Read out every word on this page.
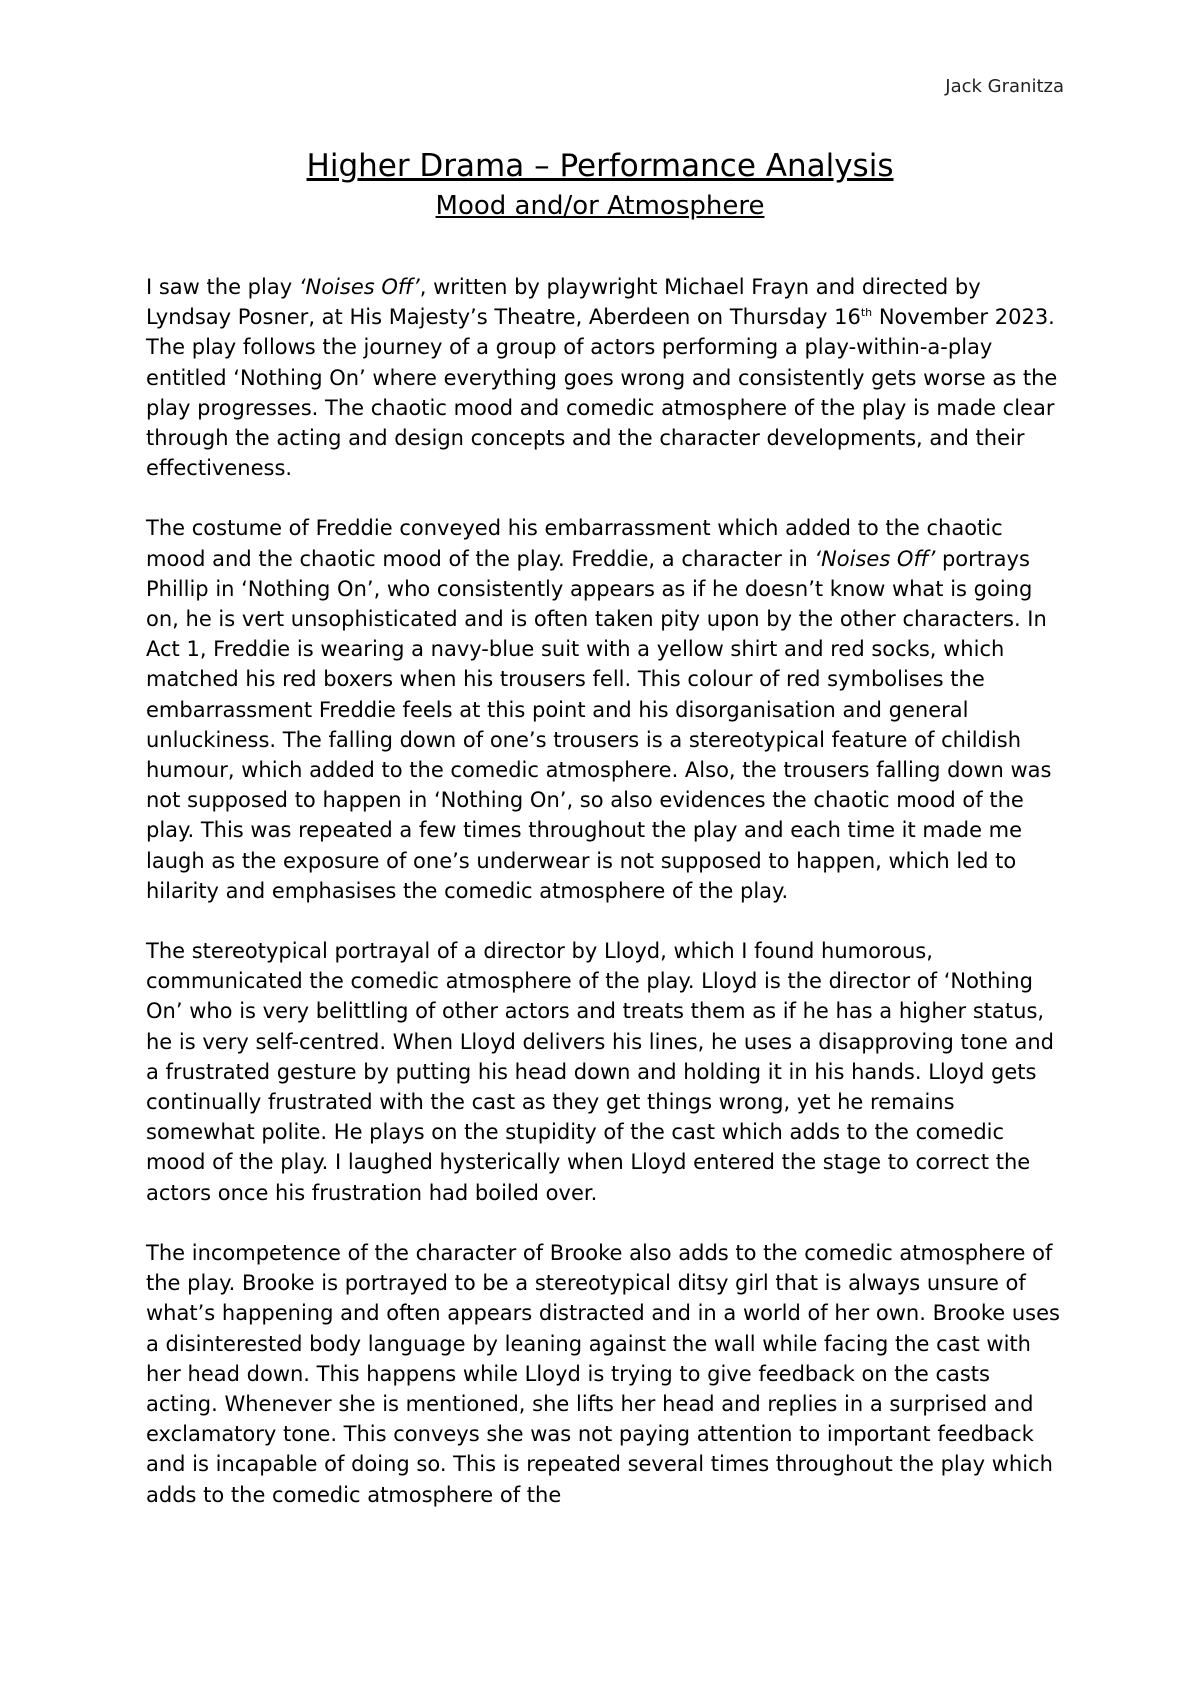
Jack Granitza
Higher Drama – Performance Analysis
Mood and/or Atmosphere

I saw the play ‘Noises Off’, written by playwright Michael Frayn and directed by Lyndsay Posner, at His Majesty’s Theatre, Aberdeen on Thursday 16th November 2023. The play follows the journey of a group of actors performing a play-within-a-play entitled ‘Nothing On’ where everything goes wrong and consistently gets worse as the play progresses. The chaotic mood and comedic atmosphere of the play is made clear through the acting and design concepts and the character developments, and their effectiveness.

The costume of Freddie conveyed his embarrassment which added to the chaotic mood and the chaotic mood of the play. Freddie, a character in ‘Noises Off’ portrays Phillip in ‘Nothing On’, who consistently appears as if he doesn’t know what is going on, he is vert unsophisticated and is often taken pity upon by the other characters. In Act 1, Freddie is wearing a navy-blue suit with a yellow shirt and red socks, which matched his red boxers when his trousers fell. This colour of red symbolises the embarrassment Freddie feels at this point and his disorganisation and general unluckiness. The falling down of one’s trousers is a stereotypical feature of childish humour, which added to the comedic atmosphere. Also, the trousers falling down was not supposed to happen in ‘Nothing On’, so also evidences the chaotic mood of the play. This was repeated a few times throughout the play and each time it made me laugh as the exposure of one’s underwear is not supposed to happen, which led to hilarity and emphasises the comedic atmosphere of the play.

The stereotypical portrayal of a director by Lloyd, which I found humorous, communicated the comedic atmosphere of the play. Lloyd is the director of ‘Nothing On’ who is very belittling of other actors and treats them as if he has a higher status, he is very self-centred. When Lloyd delivers his lines, he uses a disapproving tone and a frustrated gesture by putting his head down and holding it in his hands. Lloyd gets continually frustrated with the cast as they get things wrong, yet he remains somewhat polite. He plays on the stupidity of the cast which adds to the comedic mood of the play. I laughed hysterically when Lloyd entered the stage to correct the actors once his frustration had boiled over.

The incompetence of the character of Brooke also adds to the comedic atmosphere of the play. Brooke is portrayed to be a stereotypical ditsy girl that is always unsure of what’s happening and often appears distracted and in a world of her own. Brooke uses a disinterested body language by leaning against the wall while facing the cast with her head down. This happens while Lloyd is trying to give feedback on the casts acting. Whenever she is mentioned, she lifts her head and replies in a surprised and exclamatory tone. This conveys she was not paying attention to important feedback and is incapable of doing so. This is repeated several times throughout the play which adds to the comedic atmosphere of the
